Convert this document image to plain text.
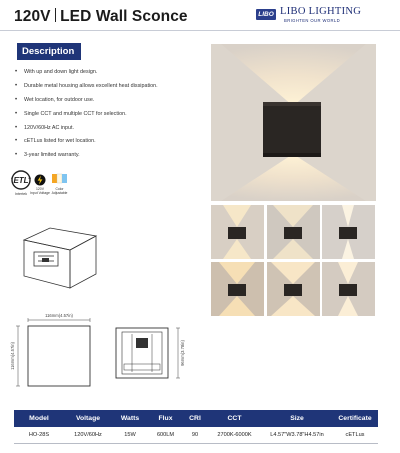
120V LED Wall Sconce	LIBO LIBO LIGHTING
BRIGHTEN OUR WORLD
Description
• With up and down light design.
• Durable metal housing allows excellent heat dissipation.
• Wet location, for outdoor use.
• Single CCT and multiple CCT for selection.
• 120V/60Hz AC input.
• cETLus listed for wet location.
• 3-year limited warranty.
ETL
c	us
Intertek
120V
Input Voltage
Color
Adjustable
116mm(4.57in)
116mm(4.57in)	96mm(3.78in)
Model	Voltage	Watts	Flux	CRI	CCT	Size	Certificate
HO-28S	120V/60Hz	15W	600LM	90	2700K-6000K	L4.57"W3.78"H4.57in	cETLus
